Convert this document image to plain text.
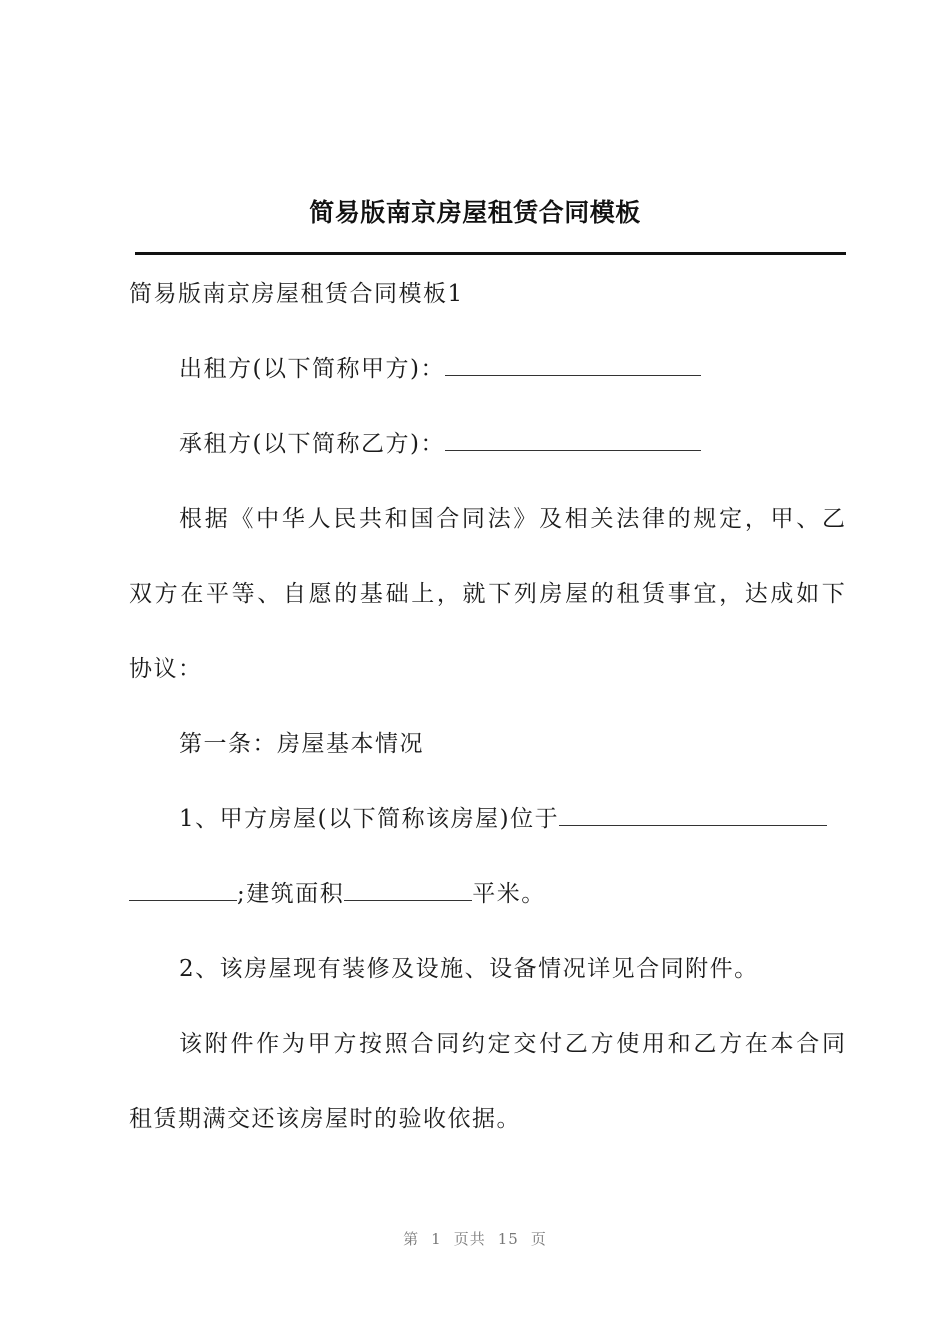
简易版南京房屋租赁合同模板
简易版南京房屋租赁合同模板1
出租方(以下简称甲方)：
承租方(以下简称乙方)：
根 据 《 中 华 人 民 共 和 国 合 同 法 》 及 相 关 法 律 的 规 定 ， 甲 、 乙
双 方 在 平 等 、 自 愿 的 基 础 上 ， 就 下 列 房 屋 的 租 赁 事 宜 ， 达 成 如 下
协议：
第一条：房屋基本情况
1、甲方房屋(以下简称该房屋)位于
;建筑面积	平米。
2、该房屋现有装修及设施、设备情况详见合同附件。
该 附 件 作 为 甲 方 按 照 合 同 约 定 交 付 乙 方 使 用 和 乙 方 在 本 合 同
租赁期满交还该房屋时的验收依据。
第 1 页共 15 页
